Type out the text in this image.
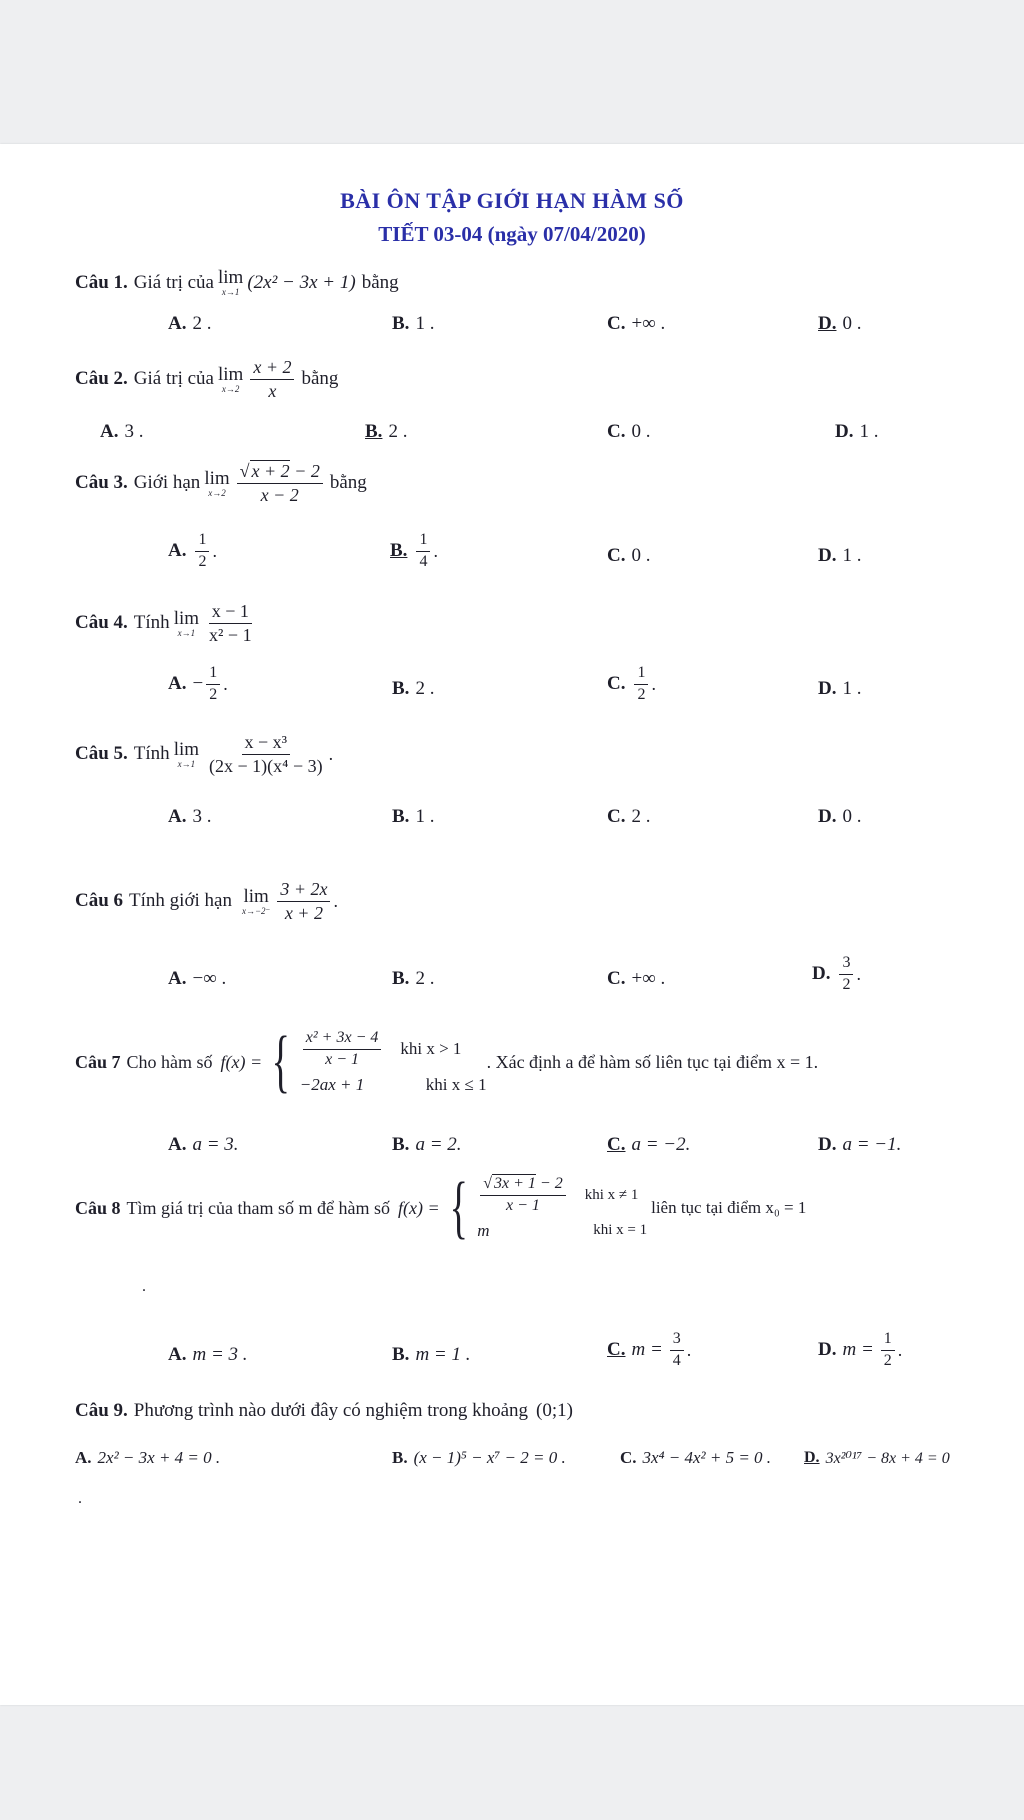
BÀI ÔN TẬP GIỚI HẠN HÀM SỐ
TIẾT 03-04 (ngày 07/04/2020)
Câu 1. Giá trị của lim
x→1 (2x² − 3x + 1) bằng
A. 2 .	B. 1 .	C. +∞ .	D. 0 .
Câu 2. Giá trị của lim
$x\to 2 \frac{x + 2}{x}$ bằng
A. 3 .	B. 2 .	C. 0 .	D. 1 .
Câu 3. Giới hạn lim
$x\to 2 \frac{√ x + 2 - 2}{x - 2}$ bằng
A. $\frac{1}{2}$ .	B. $\frac{1}{4}$ .	C. 0 .	D. 1 .
Câu 4. Tính lim
$x\to 1 \frac{x - 1}{\text{x² − 1}}$
A. − $\frac{1}{2}$ .	B. 2 .	C. $\frac{1}{2}$ .	D. 1 .
Câu 5. Tính lim
$x\to 1 \frac{\text{x − x³}}{\text{(2x − 1)(x⁴ − 3)}}$ .
A. 3 .	B. 1 .	C. 2 .	D. 0 .
Câu 6 Tính giới hạn lim
$x\to-2^- \frac{3 + 2x}{x + 2}$ .
A. −∞ .	B. 2 .	C. +∞ .	D. $\frac{3}{2}$ .
Câu 7 Cho hàm số f(x) = { $\frac{\text{x² + 3x − 4}}{x - 1}$ khi x > 1
−2ax + 1	khi x ≤ 1
. Xác định a để hàm số liên tục tại điểm x = 1.
A. a = 3.	B. a = 2.	C. a = −2.	D. a = −1.
Câu 8 Tìm giá trị của tham số m để hàm số f(x) = { $\frac{√ 3x + 1 - 2}{x - 1}$ khi x ≠ 1
m	khi x = 1
liên tục tại điểm x₀ = 1
.
A. m = 3 .	B. m = 1 .	C. $m = \frac{3}{4}$ .	D. $m = \frac{1}{2}$ .
Câu 9. Phương trình nào dưới đây có nghiệm trong khoảng (0;1)
A. 2x² − 3x + 4 = 0 .	B. (x − 1)⁵ − x⁷ − 2 = 0 .	C. 3x⁴ − 4x² + 5 = 0 . D. 3x²⁰¹⁷ − 8x + 4 = 0
.
